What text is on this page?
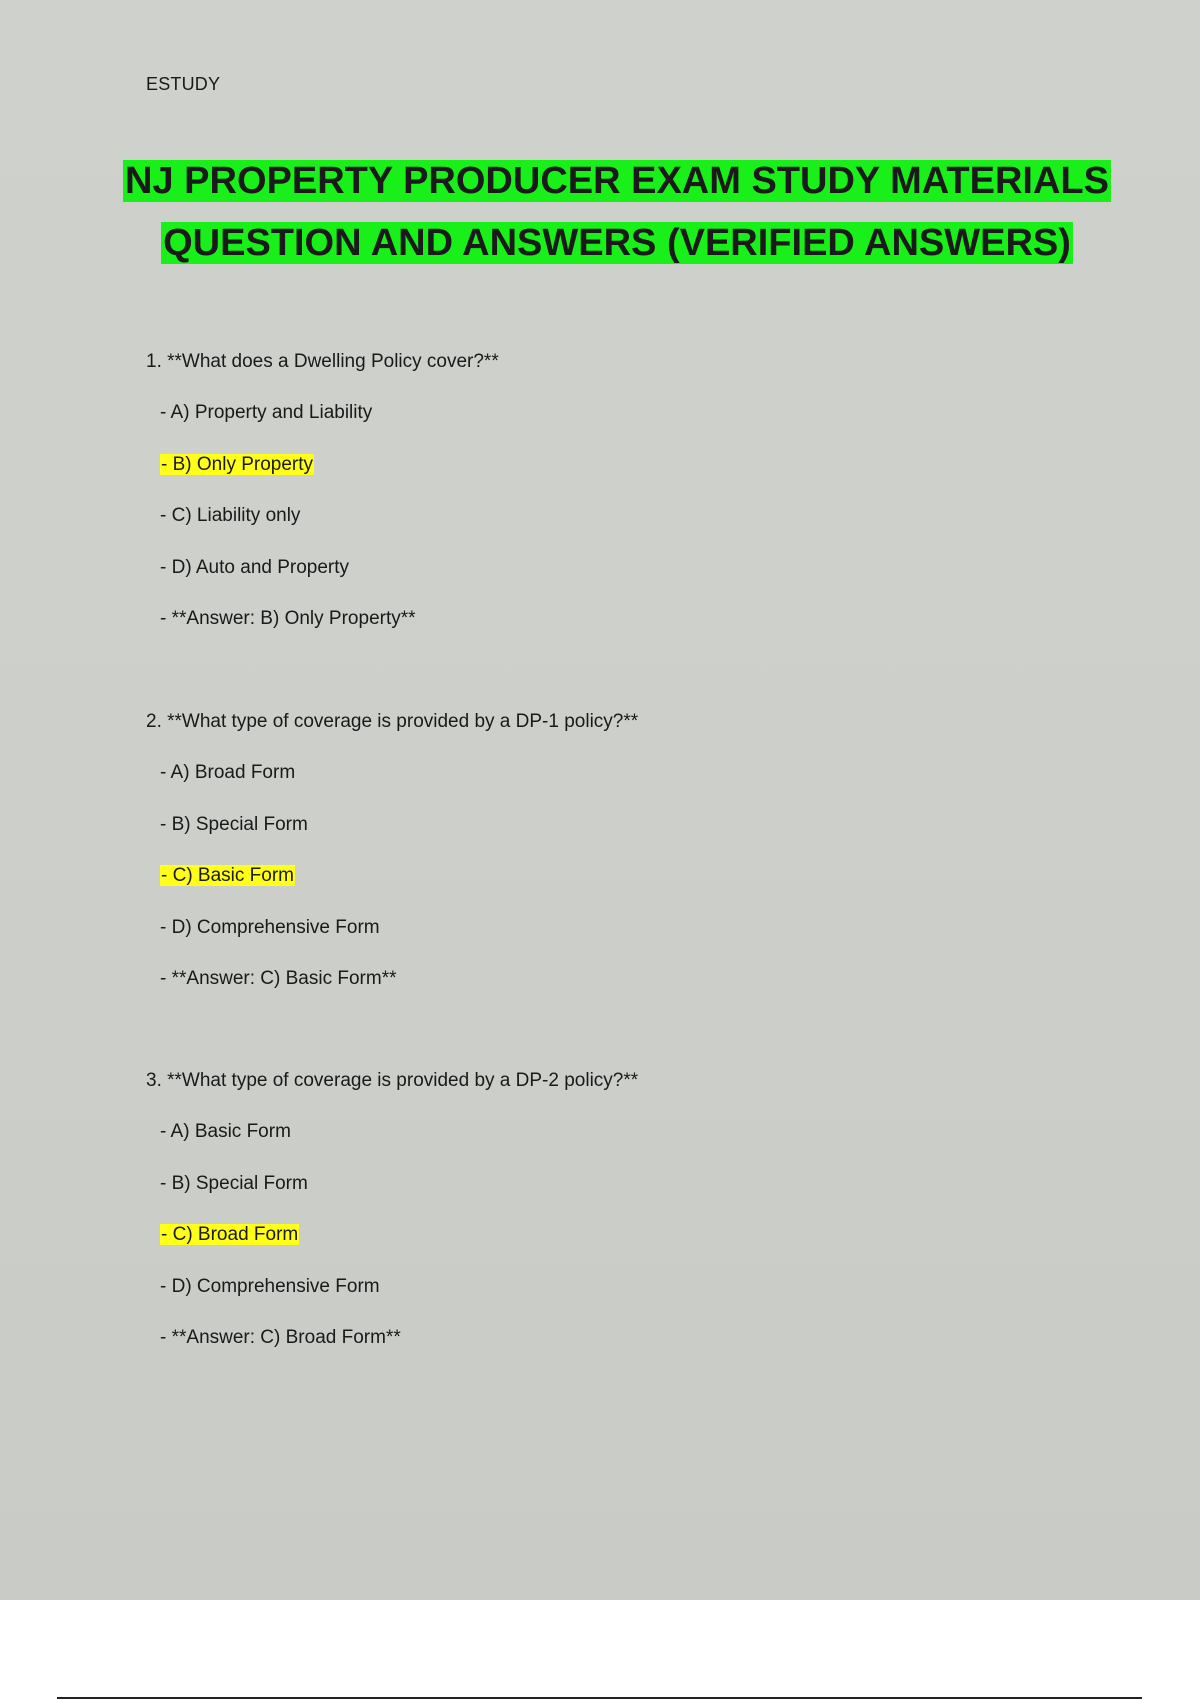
ESTUDY
NJ PROPERTY PRODUCER EXAM STUDY MATERIALS
QUESTION AND ANSWERS (VERIFIED ANSWERS)
1. **What does a Dwelling Policy cover?**
- A) Property and Liability
- B) Only Property
- C) Liability only
- D) Auto and Property
- **Answer: B) Only Property**
2. **What type of coverage is provided by a DP-1 policy?**
- A) Broad Form
- B) Special Form
- C) Basic Form
- D) Comprehensive Form
- **Answer: C) Basic Form**
3. **What type of coverage is provided by a DP-2 policy?**
- A) Basic Form
- B) Special Form
- C) Broad Form
- D) Comprehensive Form
- **Answer: C) Broad Form**
